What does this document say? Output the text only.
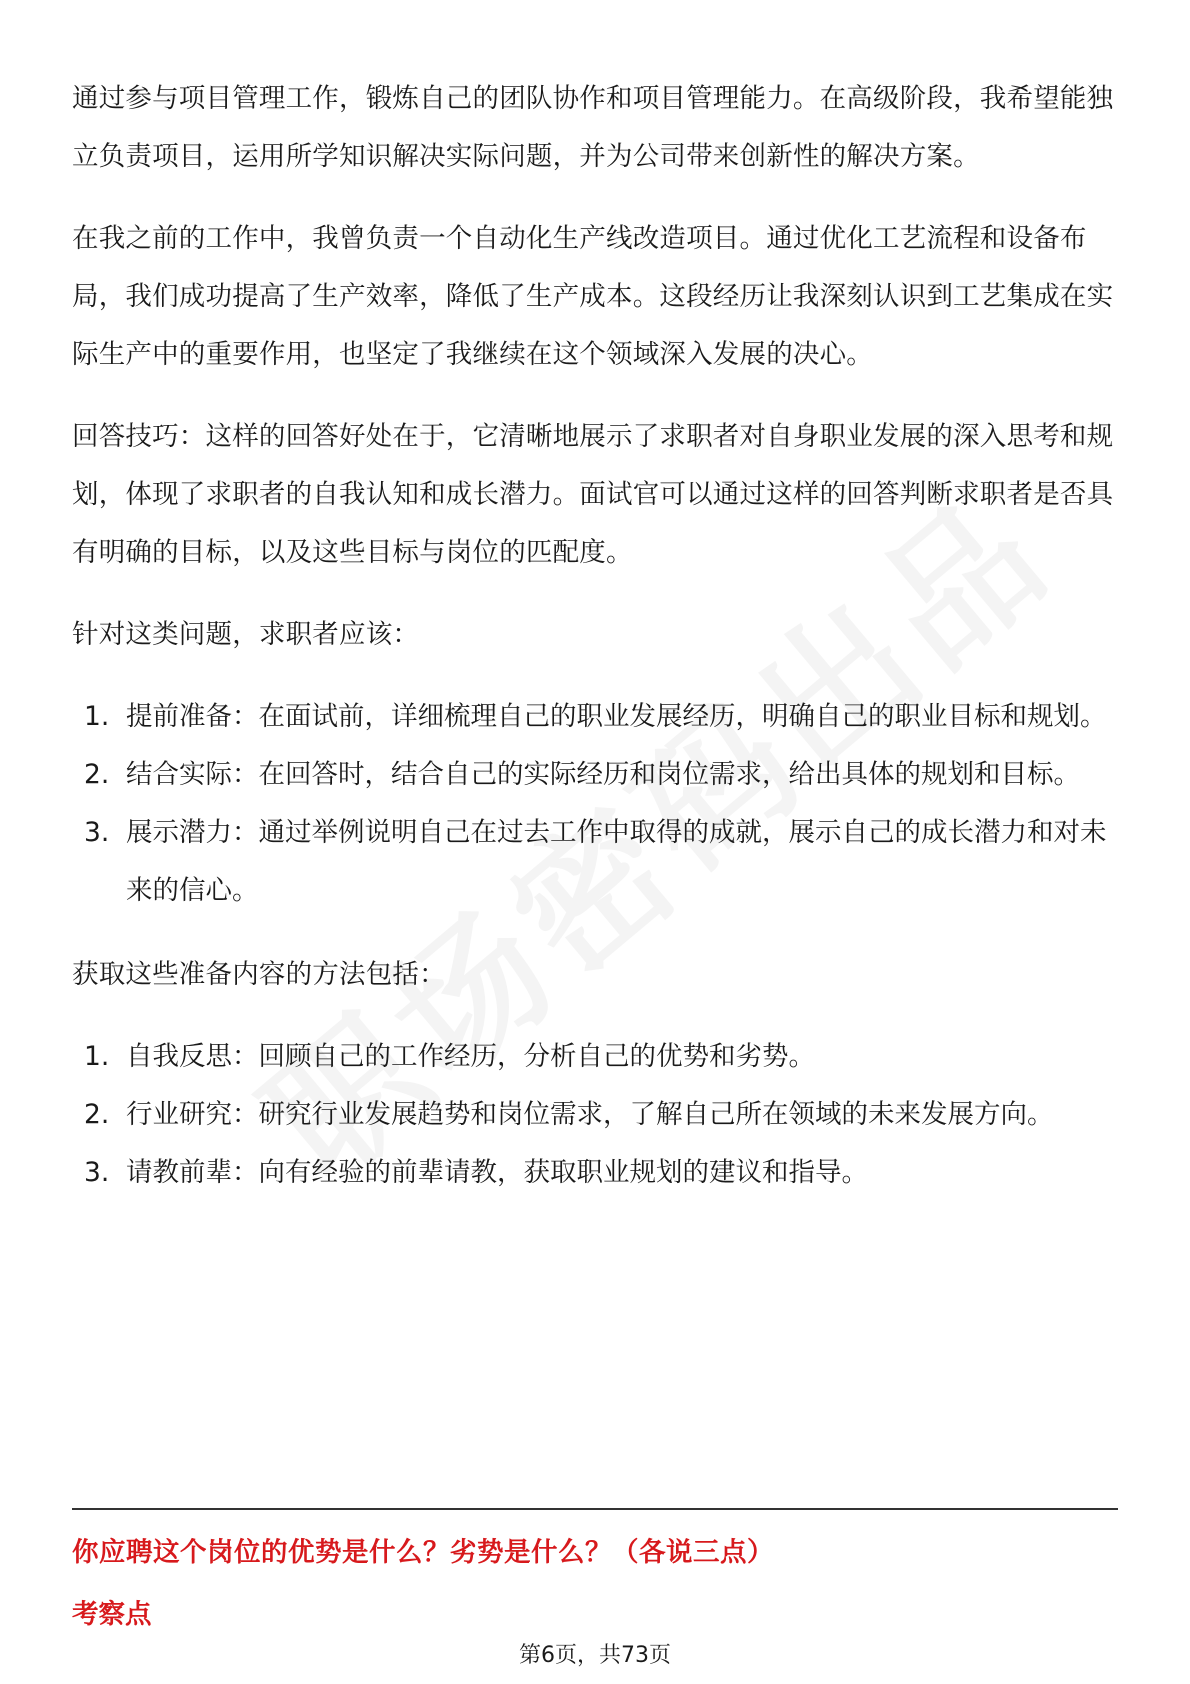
通过参与项目管理工作，锻炼自己的团队协作和项目管理能力。在高级阶段，我希望能独立负责项目，运用所学知识解决实际问题，并为公司带来创新性的解决方案。

在我之前的工作中，我曾负责一个自动化生产线改造项目。通过优化工艺流程和设备布局，我们成功提高了生产效率，降低了生产成本。这段经历让我深刻认识到工艺集成在实际生产中的重要作用，也坚定了我继续在这个领域深入发展的决心。

回答技巧：这样的回答好处在于，它清晰地展示了求职者对自身职业发展的深入思考和规划，体现了求职者的自我认知和成长潜力。面试官可以通过这样的回答判断求职者是否具有明确的目标，以及这些目标与岗位的匹配度。

针对这类问题，求职者应该：

1. 提前准备：在面试前，详细梳理自己的职业发展经历，明确自己的职业目标和规划。
2. 结合实际：在回答时，结合自己的实际经历和岗位需求，给出具体的规划和目标。
3. 展示潜力：通过举例说明自己在过去工作中取得的成就，展示自己的成长潜力和对未来的信心。

获取这些准备内容的方法包括：

1. 自我反思：回顾自己的工作经历，分析自己的优势和劣势。
2. 行业研究：研究行业发展趋势和岗位需求，了解自己所在领域的未来发展方向。
3. 请教前辈：向有经验的前辈请教，获取职业规划的建议和指导。
你应聘这个岗位的优势是什么？劣势是什么？（各说三点）
考察点
第6页，共73页
